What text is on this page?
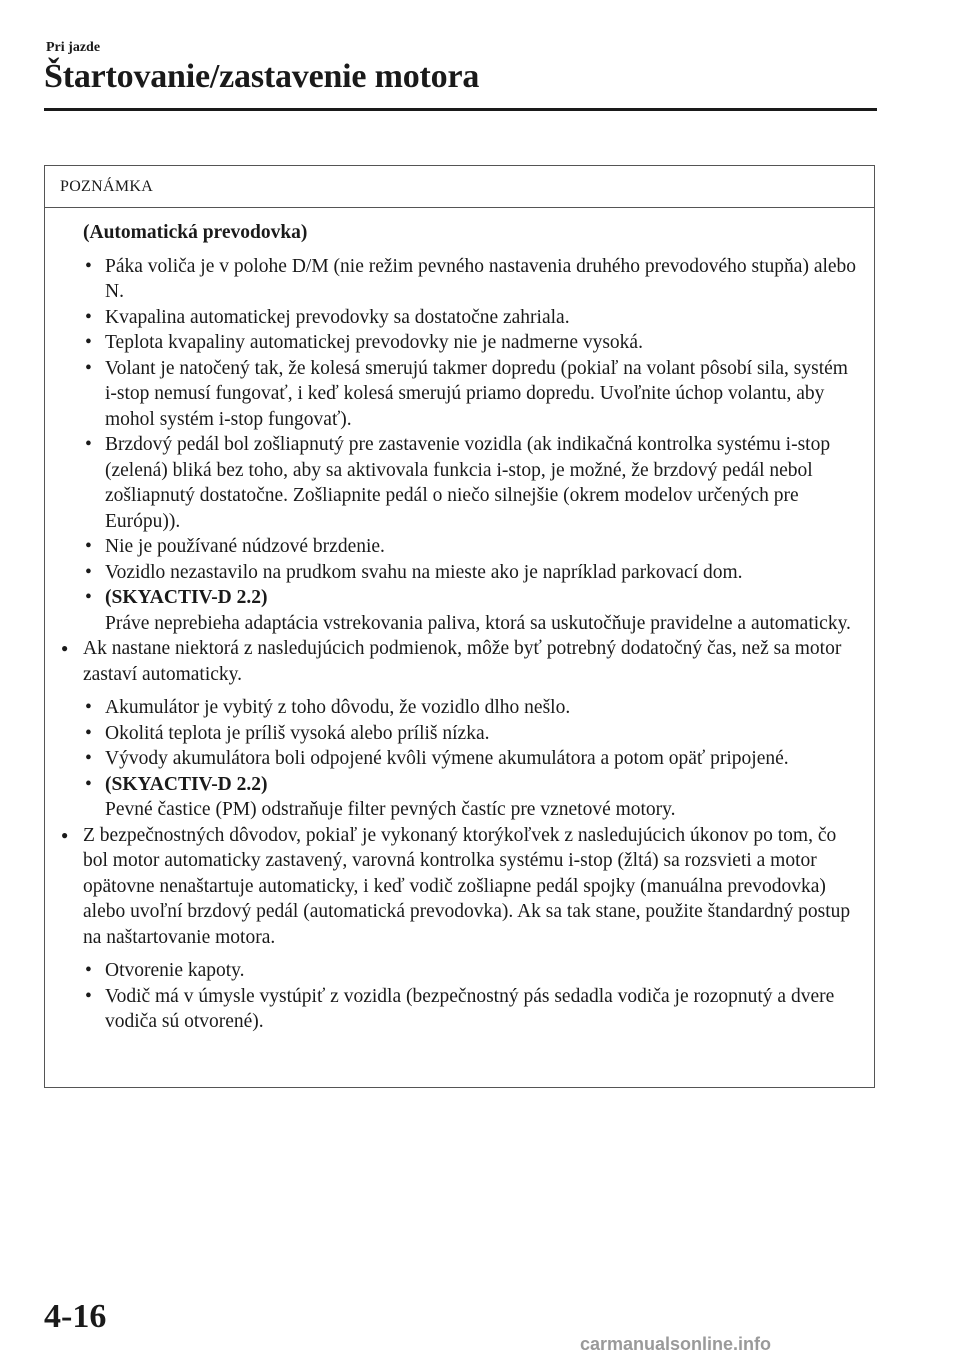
Pri jazde
Štartovanie/zastavenie motora
POZNÁMKA
(Automatická prevodovka)
• Páka voliča je v polohe D/M (nie režim pevného nastavenia druhého prevodového stupňa) alebo N.
• Kvapalina automatickej prevodovky sa dostatočne zahriala.
• Teplota kvapaliny automatickej prevodovky nie je nadmerne vysoká.
• Volant je natočený tak, že kolesá smerujú takmer dopredu (pokiaľ na volant pôsobí sila, systém i-stop nemusí fungovať, i keď kolesá smerujú priamo dopredu. Uvoľnite úchop volantu, aby mohol systém i-stop fungovať).
• Brzdový pedál bol zošliapnutý pre zastavenie vozidla (ak indikačná kontrolka systému i-stop (zelená) bliká bez toho, aby sa aktivovala funkcia i-stop, je možné, že brzdový pedál nebol zošliapnutý dostatočne. Zošliapnite pedál o niečo silnejšie (okrem modelov určených pre Európu)).
• Nie je používané núdzové brzdenie.
• Vozidlo nezastavilo na prudkom svahu na mieste ako je napríklad parkovací dom.
• (SKYACTIV-D 2.2)
Práve neprebieha adaptácia vstrekovania paliva, ktorá sa uskutočňuje pravidelne a automaticky.
● Ak nastane niektorá z nasledujúcich podmienok, môže byť potrebný dodatočný čas, než sa motor zastaví automaticky.
• Akumulátor je vybitý z toho dôvodu, že vozidlo dlho nešlo.
• Okolitá teplota je príliš vysoká alebo príliš nízka.
• Vývody akumulátora boli odpojené kvôli výmene akumulátora a potom opäť pripojené.
• (SKYACTIV-D 2.2)
Pevné častice (PM) odstraňuje filter pevných častíc pre vznetové motory.
● Z bezpečnostných dôvodov, pokiaľ je vykonaný ktorýkoľvek z nasledujúcich úkonov po tom, čo bol motor automaticky zastavený, varovná kontrolka systému i-stop (žltá) sa rozsvieti a motor opätovne nenaštartuje automaticky, i keď vodič zošliapne pedál spojky (manuálna prevodovka) alebo uvoľní brzdový pedál (automatická prevodovka). Ak sa tak stane, použite štandardný postup na naštartovanie motora.
• Otvorenie kapoty.
• Vodič má v úmysle vystúpiť z vozidla (bezpečnostný pás sedadla vodiča je rozopnutý a dvere vodiča sú otvorené).
4-16
carmanualsonline.info
